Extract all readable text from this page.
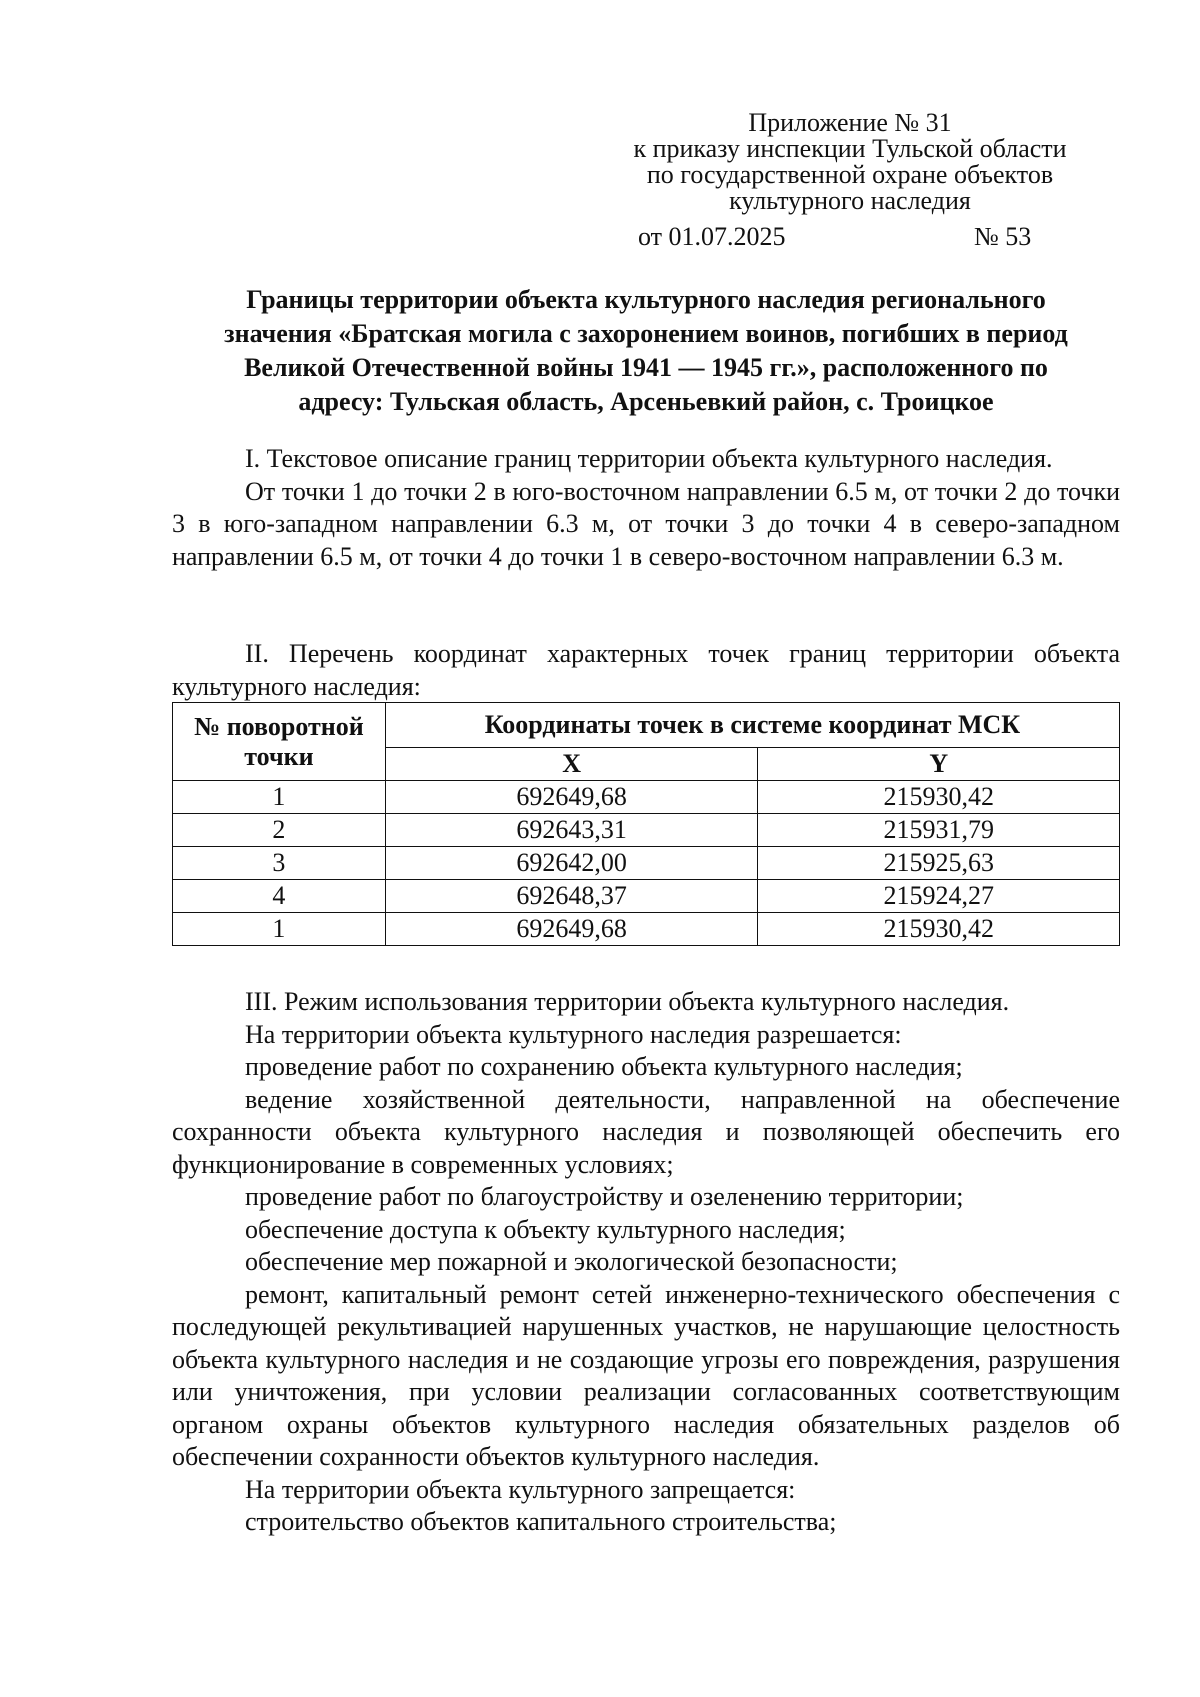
Приложение № 31
к приказу инспекции Тульской области
по государственной охране объектов
культурного наследия
от 01.07.2025	№ 53
Границы территории объекта культурного наследия регионального
значения «Братская могила с захоронением воинов, погибших в период
Великой Отечественной войны 1941 — 1945 гг.», расположенного по
адресу: Тульская область, Арсеньевкий район, с. Троицкое

I. Текстовое описание границ территории объекта культурного наследия.

От точки 1 до точки 2 в юго-восточном направлении 6.5 м, от точки 2 до точки 3 в юго-западном направлении 6.3 м, от точки 3 до точки 4 в северо-западном направлении 6.5 м, от точки 4 до точки 1 в северо-восточном направлении 6.3 м.

II. Перечень координат характерных точек границ территории объекта культурного наследия:

№ поворотной точки	Координаты точек в системе координат МСК	
	X	Y
1	692649,68	215930,42
2	692643,31	215931,79
3	692642,00	215925,63
4	692648,37	215924,27
1	692649,68	215930,42

III. Режим использования территории объекта культурного наследия.

На территории объекта культурного наследия разрешается:

проведение работ по сохранению объекта культурного наследия;

ведение хозяйственной деятельности, направленной на обеспечение сохранности объекта культурного наследия и позволяющей обеспечить его функционирование в современных условиях;

проведение работ по благоустройству и озеленению территории;

обеспечение доступа к объекту культурного наследия;

обеспечение мер пожарной и экологической безопасности;

ремонт, капитальный ремонт сетей инженерно-технического обеспечения с последующей рекультивацией нарушенных участков, не нарушающие целостность объекта культурного наследия и не создающие угрозы его повреждения, разрушения или уничтожения, при условии реализации согласованных соответствующим органом охраны объектов культурного наследия обязательных разделов об обеспечении сохранности объектов культурного наследия.

На территории объекта культурного запрещается:

строительство объектов капитального строительства;
